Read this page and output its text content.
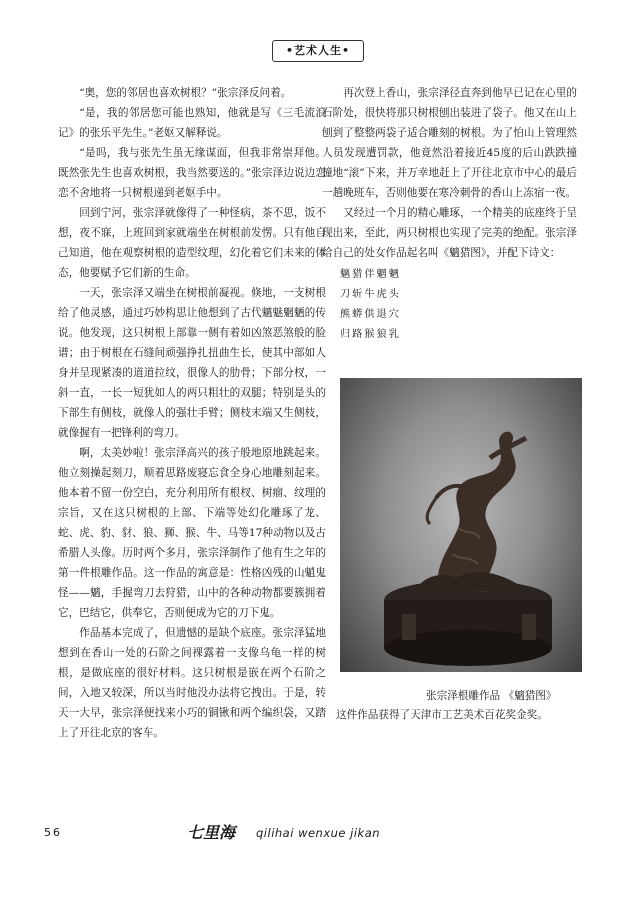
•艺术人生•

“奥，您的邻居也喜欢树根？”张宗泽反问着。

“是，我的邻居您可能也熟知，他就是写《三毛流浪记》的张乐平先生。”老妪又解释说。

“是吗，我与张先生虽无缘谋面，但我非常崇拜他。既然张先生也喜欢树根，我当然要送的。”张宗泽边说边恋恋不舍地将一只树根递到老妪手中。

回到宁河，张宗泽就像得了一种怪病，茶不思，饭不想，夜不寐，上班回到家就端坐在树根前发愣。只有他自己知道，他在观察树根的造型纹理，幻化着它们未来的体态，他要赋予它们新的生命。

一天，张宗泽又端坐在树根前凝视。倏地，一支树根给了他灵感，通过巧妙构思让他想到了古代魑魅魍魉的传说。他发现，这只树根上部靠一侧有着如凶煞恶煞般的脸谱；由于树根在石缝间顽强挣扎扭曲生长，使其中部如人身并呈现紧凑的道道拉纹，很像人的肋骨；下部分杈，一斜一直，一长一短犹如人的两只粗壮的双腿；特别是头的下部生有侧枝，就像人的强壮手臂；侧枝末端又生侧枝，就像握有一把锋利的弯刀。

啊，太美妙啦！张宗泽高兴的孩子般地原地跳起来。他立刻操起刻刀，顺着思路废寝忘食全身心地雕刻起来。他本着不留一份空白，充分利用所有根杈、树瘤、纹理的宗旨，又在这只树根的上部、下端等处幻化雕琢了龙、蛇、虎、豹、豺、狼、狮、猴、牛、马等17种动物以及古希腊人头像。历时两个多月，张宗泽制作了他有生之年的第一件根雕作品。这一作品的寓意是：性格凶残的山魈鬼怪——魑，手握弯刀去狩猎，山中的各种动物都要簇拥着它，巴结它，供奉它，否则便成为它的刀下鬼。

作品基本完成了，但遗憾的是缺个底座。张宗泽猛地想到在香山一处的石阶之间裸露着一支像乌龟一样的树根，是做底座的很好材料。这只树根是嵌在两个石阶之间，入地又较深，所以当时他没办法将它拽出。于是，转天一大早，张宗泽便找来小巧的铜锹和两个编织袋，又踏上了开往北京的客车。

再次登上香山，张宗泽径直奔到他早已记在心里的石阶处，很快将那只树根刨出装进了袋子。他又在山上刨到了整整两袋子适合雕刻的树根。为了怕山上管理然人员发现遭罚款，他竟然沿着接近45度的后山跌跌撞撞地“滚”下来，并万幸地赶上了开往北京市中心的最后一趟晚班车，否则他要在寒冷刺骨的香山上冻宿一夜。

又经过一个月的精心雕琢，一个精美的底座终于呈现出来，至此，两只树根也实现了完美的绝配。张宗泽给自己的处女作品起名叫《魑猎图》，并配下诗文：

魑猎伴魍魉
刀斩牛虎头
熊蟒供退穴
归路猴狼乳
张宗泽根雕作品 《魑猎图》
这件作品获得了天津市工艺美术百花奖金奖。
56	七里海 qilihai wenxue jikan
